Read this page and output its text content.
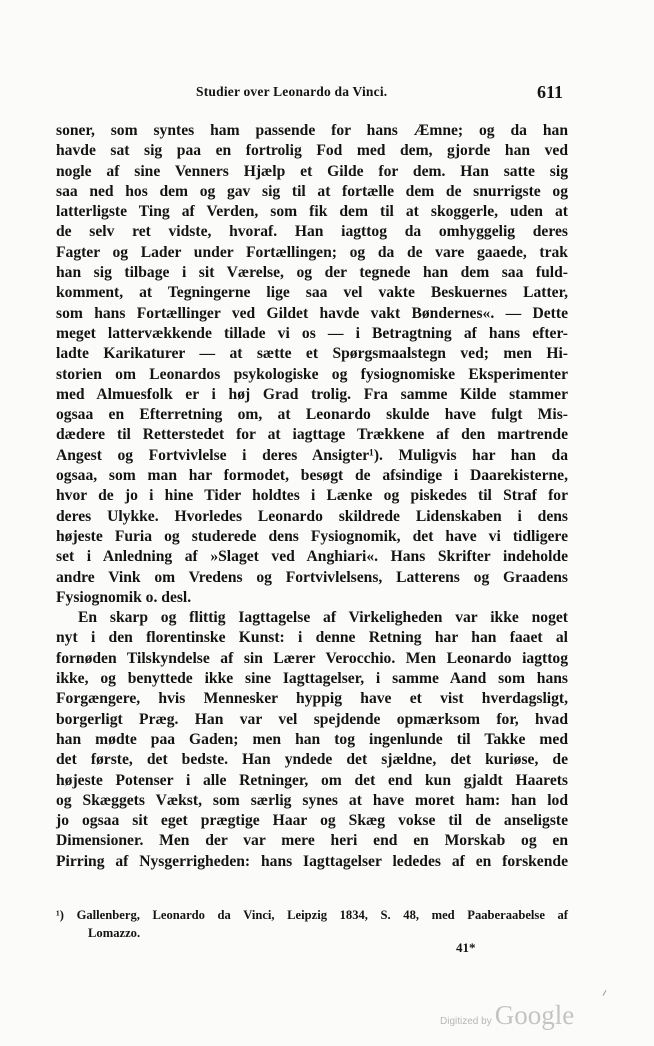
Studier over Leonardo da Vinci.	611
soner, som syntes ham passende for hans Æmne; og da han
havde sat sig paa en fortrolig Fod med dem, gjorde han ved
nogle af sine Venners Hjælp et Gilde for dem. Han satte sig
saa ned hos dem og gav sig til at fortælle dem de snurrigste og
latterligste Ting af Verden, som fik dem til at skoggerle, uden at
de selv ret vidste, hvoraf. Han iagttog da omhyggelig deres
Fagter og Lader under Fortællingen; og da de vare gaaede, trak
han sig tilbage i sit Værelse, og der tegnede han dem saa fuld-
komment, at Tegningerne lige saa vel vakte Beskuernes Latter,
som hans Fortællinger ved Gildet havde vakt Bøndernes«. — Dette
meget lattervækkende tillade vi os — i Betragtning af hans efter-
ladte Karikaturer — at sætte et Spørgsmaalstegn ved; men Hi-
storien om Leonardos psykologiske og fysiognomiske Eksperimenter
med Almuesfolk er i høj Grad trolig. Fra samme Kilde stammer
ogsaa en Efterretning om, at Leonardo skulde have fulgt Mis-
dædere til Retterstedet for at iagttage Trækkene af den martrende
Angest og Fortvivlelse i deres Ansigter¹). Muligvis har han da
ogsaa, som man har formodet, besøgt de afsindige i Daarekisterne,
hvor de jo i hine Tider holdtes i Lænke og piskedes til Straf for
deres Ulykke. Hvorledes Leonardo skildrede Lidenskaben i dens
højeste Furia og studerede dens Fysiognomik, det have vi tidligere
set i Anledning af »Slaget ved Anghiari«. Hans Skrifter indeholde
andre Vink om Vredens og Fortvivlelsens, Latterens og Graadens
Fysiognomik o. desl.
En skarp og flittig Iagttagelse af Virkeligheden var ikke noget
nyt i den florentinske Kunst: i denne Retning har han faaet al
fornøden Tilskyndelse af sin Lærer Verocchio. Men Leonardo iagttog
ikke, og benyttede ikke sine Iagttagelser, i samme Aand som hans
Forgængere, hvis Mennesker hyppig have et vist hverdagsligt,
borgerligt Præg. Han var vel spejdende opmærksom for, hvad
han mødte paa Gaden; men han tog ingenlunde til Takke med
det første, det bedste. Han yndede det sjældne, det kuriøse, de
højeste Potenser i alle Retninger, om det end kun gjaldt Haarets
og Skæggets Vækst, som særlig synes at have moret ham: han lod
jo ogsaa sit eget prægtige Haar og Skæg vokse til de anseligste
Dimensioner. Men der var mere heri end en Morskab og en
Pirring af Nysgerrigheden: hans Iagttagelser lededes af en forskende
¹) Gallenberg, Leonardo da Vinci, Leipzig 1834, S. 48, med Paaberaabelse af
Lomazzo.
41*
Digitized by Google
